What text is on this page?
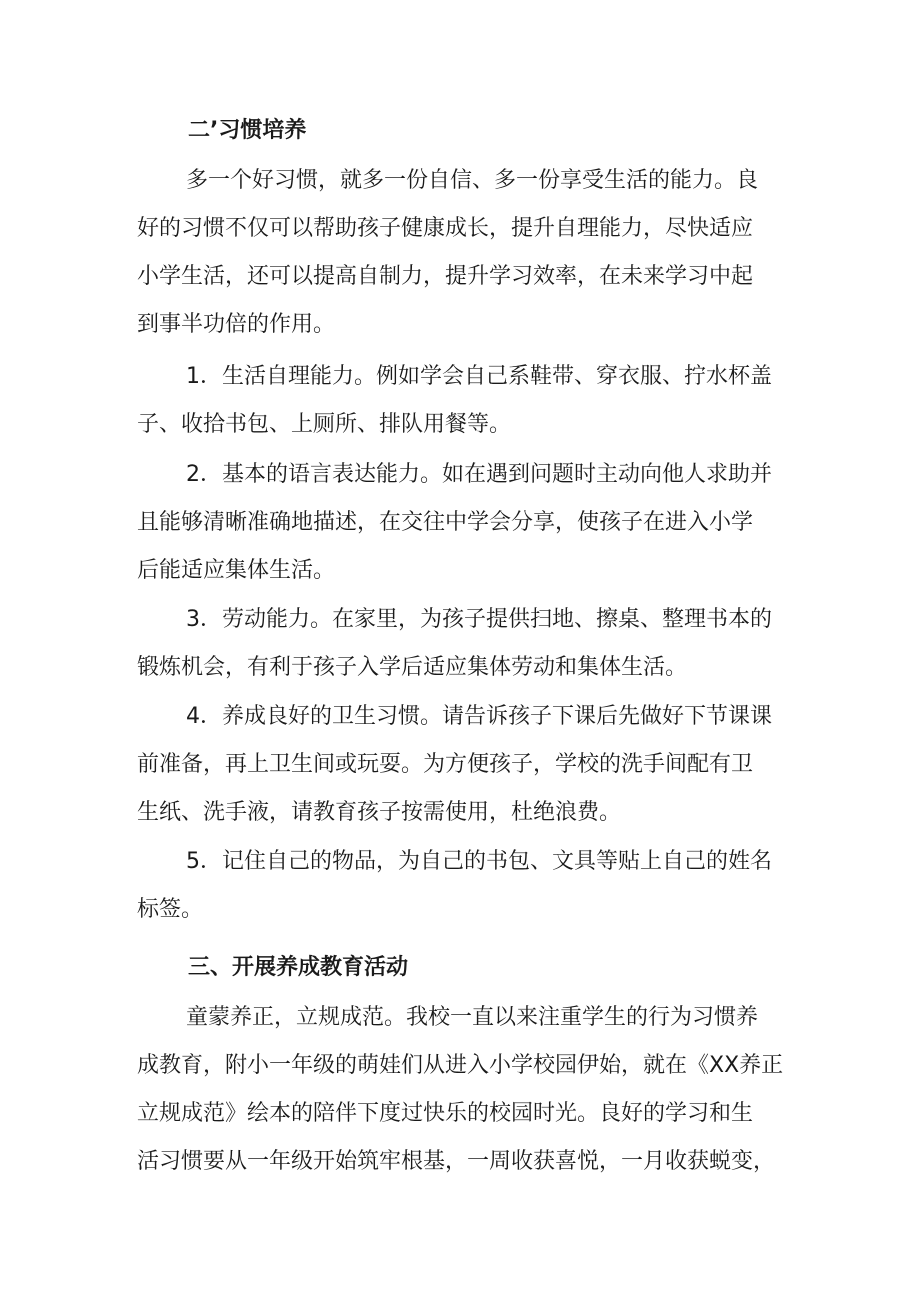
二’习惯培养
多一个好习惯，就多一份自信、多一份享受生活的能力。良
好的习惯不仅可以帮助孩子健康成长，提升自理能力，尽快适应
小学生活，还可以提高自制力，提升学习效率，在未来学习中起
到事半功倍的作用。
1．生活自理能力。例如学会自己系鞋带、穿衣服、拧水杯盖
子、收拾书包、上厕所、排队用餐等。
2．基本的语言表达能力。如在遇到问题时主动向他人求助并
且能够清晰准确地描述，在交往中学会分享，使孩子在进入小学
后能适应集体生活。
3．劳动能力。在家里，为孩子提供扫地、擦桌、整理书本的
锻炼机会，有利于孩子入学后适应集体劳动和集体生活。
4．养成良好的卫生习惯。请告诉孩子下课后先做好下节课课
前准备，再上卫生间或玩耍。为方便孩子，学校的洗手间配有卫
生纸、洗手液，请教育孩子按需使用，杜绝浪费。
5．记住自己的物品，为自己的书包、文具等贴上自己的姓名
标签。
三、开展养成教育活动
童蒙养正，立规成范。我校一直以来注重学生的行为习惯养
成教育，附小一年级的萌娃们从进入小学校园伊始，就在《XX养正
立规成范》绘本的陪伴下度过快乐的校园时光。良好的学习和生
活习惯要从一年级开始筑牢根基，一周收获喜悦，一月收获蜕变，
